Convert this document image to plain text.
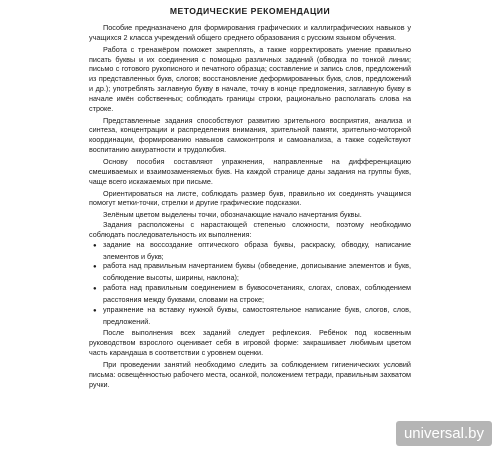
МЕТОДИЧЕСКИЕ РЕКОМЕНДАЦИИ

Пособие предназначено для формирования графических и каллиграфических навыков у учащихся 2 класса учреждений общего среднего образования с русским языком обучения.

Работа с тренажёром поможет закреплять, а также корректировать умение правильно писать буквы и их соединения с помощью различных заданий (обводка по тонкой линии; письмо с готового рукописного и печатного образца; составление и запись слов, предложений из представленных букв, слогов; восстановление деформированных букв, слов, предложений и др.); употреблять заглавную букву в начале, точку в конце предложения, заглавную букву в начале имён собственных; соблюдать границы строки, рационально располагать слова на строке.

Представленные задания способствуют развитию зрительного восприятия, анализа и синтеза, концентрации и распределения внимания, зрительной памяти, зрительно-моторной координации, формированию навыков самоконтроля и самоанализа, а также содействуют воспитанию аккуратности и трудолюбия.

Основу пособия составляют упражнения, направленные на дифференциацию смешиваемых и взаимозаменяемых букв. На каждой странице даны задания на группы букв, чаще всего искажаемых при письме.

Ориентироваться на листе, соблюдать размер букв, правильно их соединять учащимся помогут метки-точки, стрелки и другие графические подсказки.

Зелёным цветом выделены точки, обозначающие начало начертания буквы.

Задания расположены с нарастающей степенью сложности, поэтому необходимо соблюдать последовательность их выполнения:

● задание на воссоздание оптического образа буквы, раскраску, обводку, написание элементов и букв;

● работа над правильным начертанием буквы (обведение, дописывание элементов и букв, соблюдение высоты, ширины, наклона);

● работа над правильным соединением в буквосочетаниях, слогах, словах, соблюдением расстояния между буквами, словами на строке;

● упражнение на вставку нужной буквы, самостоятельное написание букв, слогов, слов, предложений.

После выполнения всех заданий следует рефлексия. Ребёнок под косвенным руководством взрослого оценивает себя в игровой форме: закрашивает любимым цветом часть карандаша в соответствии с уровнем оценки.

При проведении занятий необходимо следить за соблюдением гигиенических условий письма: освещённостью рабочего места, осанкой, положением тетради, правильным захватом ручки.

universal.by
